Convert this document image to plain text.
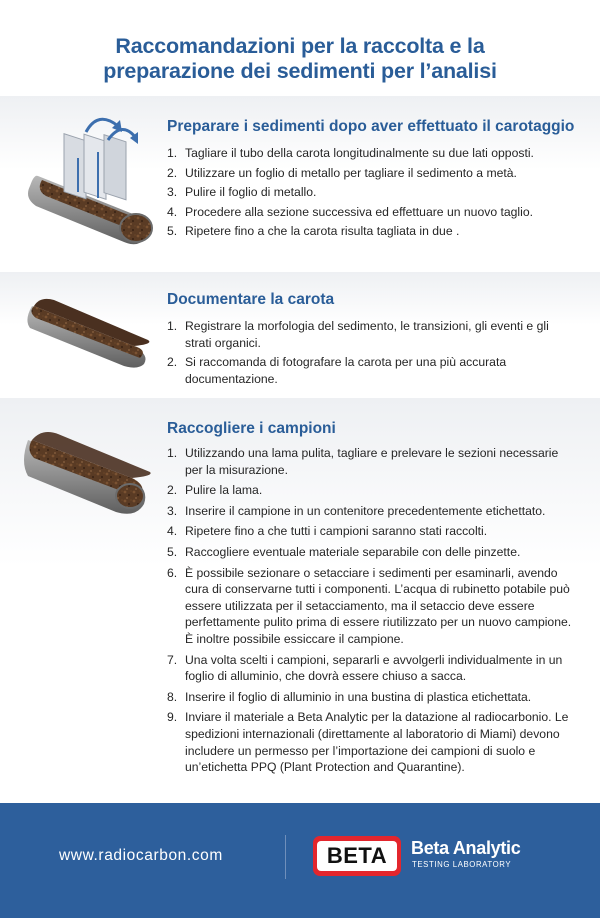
Raccomandazioni per la raccolta e la
preparazione dei sedimenti per l’analisi
Preparare i sedimenti dopo aver effettuato il carotaggio
1. Tagliare il tubo della carota longitudinalmente su due lati opposti.
2. Utilizzare un foglio di metallo per tagliare il sedimento a metà.
3. Pulire il foglio di metallo.
4. Procedere alla sezione successiva ed effettuare un nuovo taglio.
5. Ripetere fino a che la carota risulta tagliata in due .
Documentare la carota
1. Registrare la morfologia del sedimento, le transizioni, gli eventi e gli strati organici.
2. Si raccomanda di fotografare la carota per una più accurata documentazione.
Raccogliere i campioni
1. Utilizzando una lama pulita, tagliare e prelevare le sezioni necessarie per la misurazione.
2. Pulire la lama.
3. Inserire il campione in un contenitore precedentemente etichettato.
4. Ripetere fino a che tutti i campioni saranno stati raccolti.
5. Raccogliere eventuale materiale separabile con delle pinzette.
6. È possibile sezionare o setacciare i sedimenti per esaminarli, avendo cura di conservarne tutti i componenti. L’acqua di rubinetto potabile può essere utilizzata per il setacciamento, ma il setaccio deve essere perfettamente pulito prima di essere riutilizzato per un nuovo campione. È inoltre possibile essiccare il campione.
7. Una volta scelti i campioni, separarli e avvolgerli individualmente in un foglio di alluminio, che dovrà essere chiuso a sacca.
8. Inserire il foglio di alluminio in una bustina di plastica etichettata.
9. Inviare il materiale a Beta Analytic per la datazione al radiocarbonio. Le spedizioni internazionali (direttamente al laboratorio di Miami) devono includere un permesso per l’importazione dei campioni di suolo e un’etichetta PPQ (Plant Protection and Quarantine).
www.radiocarbon.com	BETA	Beta Analytic
TESTING LABORATORY
